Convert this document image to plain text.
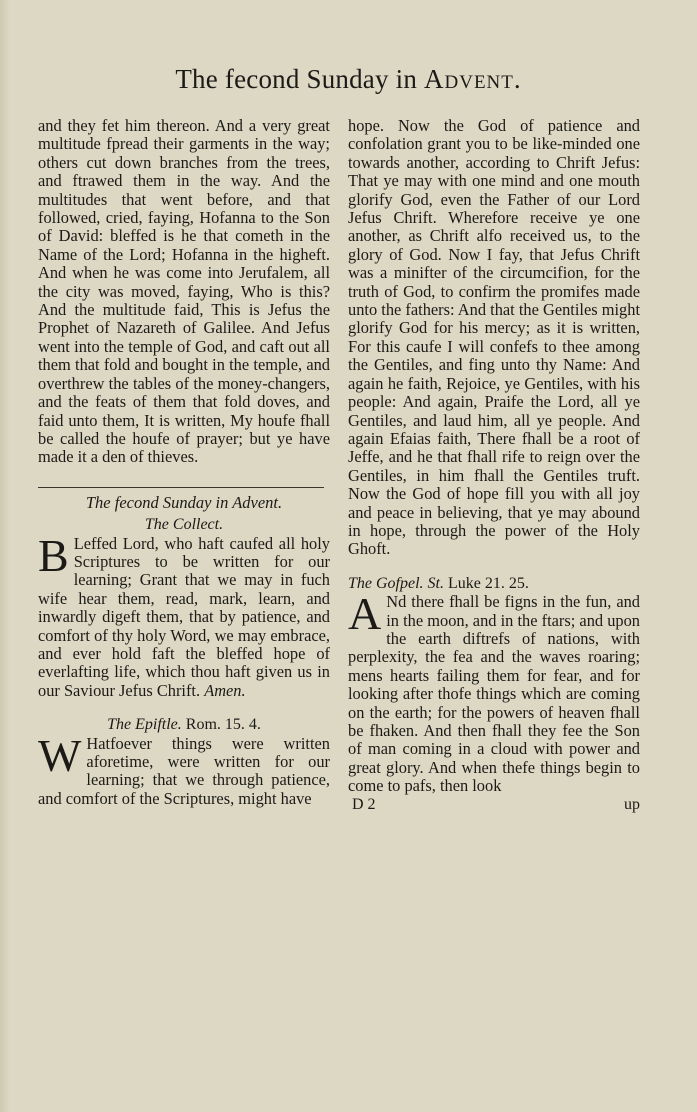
The fecond Sunday in Advent.

and they fet him thereon. And a very great multitude fpread their garments in the way; others cut down branches from the trees, and ftrawed them in the way. And the multitudes that went before, and that followed, cried, faying, Hofanna to the Son of David: bleffed is he that cometh in the Name of the Lord; Hofanna in the higheft. And when he was come into Jerufalem, all the city was moved, faying, Who is this? And the multitude faid, This is Jefus the Prophet of Nazareth of Galilee. And Jefus went into the temple of God, and caft out all them that fold and bought in the temple, and overthrew the tables of the money-changers, and the feats of them that fold doves, and faid unto them, It is written, My houfe fhall be called the houfe of prayer; but ye have made it a den of thieves.

The fecond Sunday in Advent.
The Collect.
B Leffed Lord, who haft caufed all holy Scriptures to be written for our learning; Grant that we may in fuch wife hear them, read, mark, learn, and inwardly digeft them, that by patience, and comfort of thy holy Word, we may embrace, and ever hold faft the bleffed hope of everlafting life, which thou haft given us in our Saviour Jefus Chrift. Amen.
The Epiftle. Rom. 15. 4.
W Hatfoever things were written aforetime, were written for our learning; that we through patience, and comfort of the Scriptures, might have

hope. Now the God of patience and confolation grant you to be like-minded one towards another, according to Chrift Jefus: That ye may with one mind and one mouth glorify God, even the Father of our Lord Jefus Chrift. Wherefore receive ye one another, as Chrift alfo received us, to the glory of God. Now I fay, that Jefus Chrift was a minifter of the circumcifion, for the truth of God, to confirm the promifes made unto the fathers: And that the Gentiles might glorify God for his mercy; as it is written, For this caufe I will confefs to thee among the Gentiles, and fing unto thy Name: And again he faith, Rejoice, ye Gentiles, with his people: And again, Praife the Lord, all ye Gentiles, and laud him, all ye people. And again Efaias faith, There fhall be a root of Jeffe, and he that fhall rife to reign over the Gentiles, in him fhall the Gentiles truft. Now the God of hope fill you with all joy and peace in believing, that ye may abound in hope, through the power of the Holy Ghoft.

The Gofpel. St. Luke 21. 25.
A Nd there fhall be figns in the fun, and in the moon, and in the ftars; and upon the earth diftrefs of nations, with perplexity, the fea and the waves roaring; mens hearts failing them for fear, and for looking after thofe things which are coming on the earth; for the powers of heaven fhall be fhaken. And then fhall they fee the Son of man coming in a cloud with power and great glory. And when thefe things begin to come to pafs, then look
D 2	up
